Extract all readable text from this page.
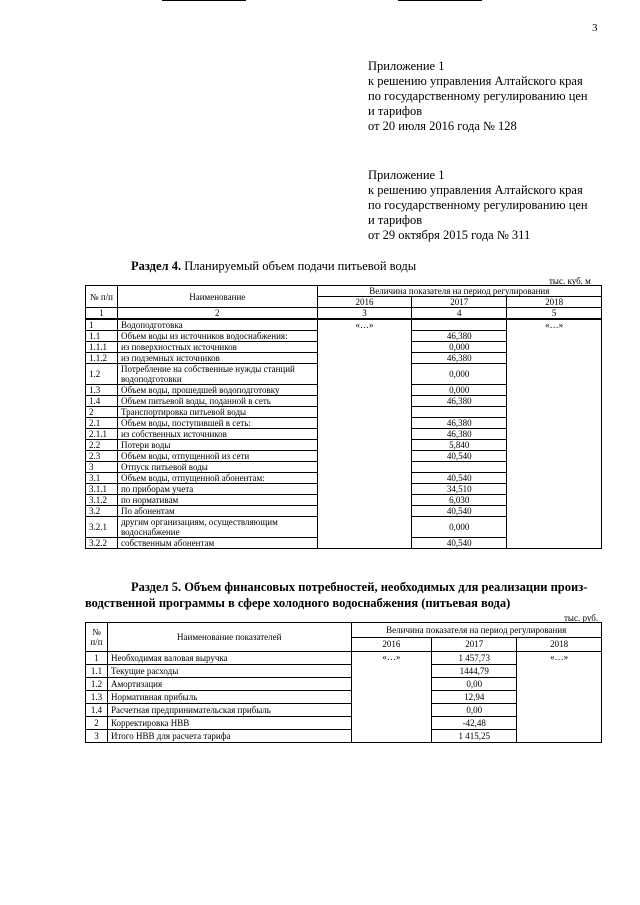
3
Приложение 1
к решению управления Алтайского края
по государственному регулированию цен
и тарифов
от 20 июля 2016 года № 128
Приложение 1
к решению управления Алтайского края
по государственному регулированию цен
и тарифов
от 29 октября 2015 года № 311
Раздел 4. Планируемый объем подачи питьевой воды
тыс. куб. м
№ п/п	Наименование	Величина показателя на период регулирования		
		2016	2017	2018
1	2	3	4	5
1	Водоподготовка	«…»		«…»
1.1	Объем воды из источников водоснабжения:		46,380	
1.1.1	из поверхностных источников		0,000	
1.1.2	из подземных источников		46,380	
1.2	Потребление на собственные нужды станций водоподготовки		0,000	
1.3	Объем воды, прошедшей водоподготовку		0,000	
1.4	Объем питьевой воды, поданной в сеть		46,380	
2	Транспортировка питьевой воды			
2.1	Объем воды, поступившей в сеть:		46,380	
2.1.1	из собственных источников		46,380	
2.2	Потери воды		5,840	
2.3	Объем воды, отпущенной из сети		40,540	
3	Отпуск питьевой воды			
3.1	Объем воды, отпущенной абонентам:		40,540	
3.1.1	по приборам учета		34,510	
3.1.2	по нормативам		6,030	
3.2	По абонентам		40,540	
3.2.1	другим организациям, осуществляющим водоснабжение		0,000	
3.2.2	собственным абонентам		40,540	
Раздел 5. Объем финансовых потребностей, необходимых для реализации произ-
водственной программы в сфере холодного водоснабжения (питьевая вода)
тыс. руб.
№ п/п	Наименование показателей	Величина показателя на период регулирования		
		2016	2017	2018
1	Необходимая валовая выручка	«…»	1 457,73	«…»
1.1	Текущие расходы		1444,79	
1.2	Амортизация		0,00	
1.3	Нормативная прибыль		12,94	
1.4	Расчетная предпринимательская прибыль		0,00	
2	Корректировка НВВ		-42,48	
3	Итого НВВ для расчета тарифа		1 415,25	
